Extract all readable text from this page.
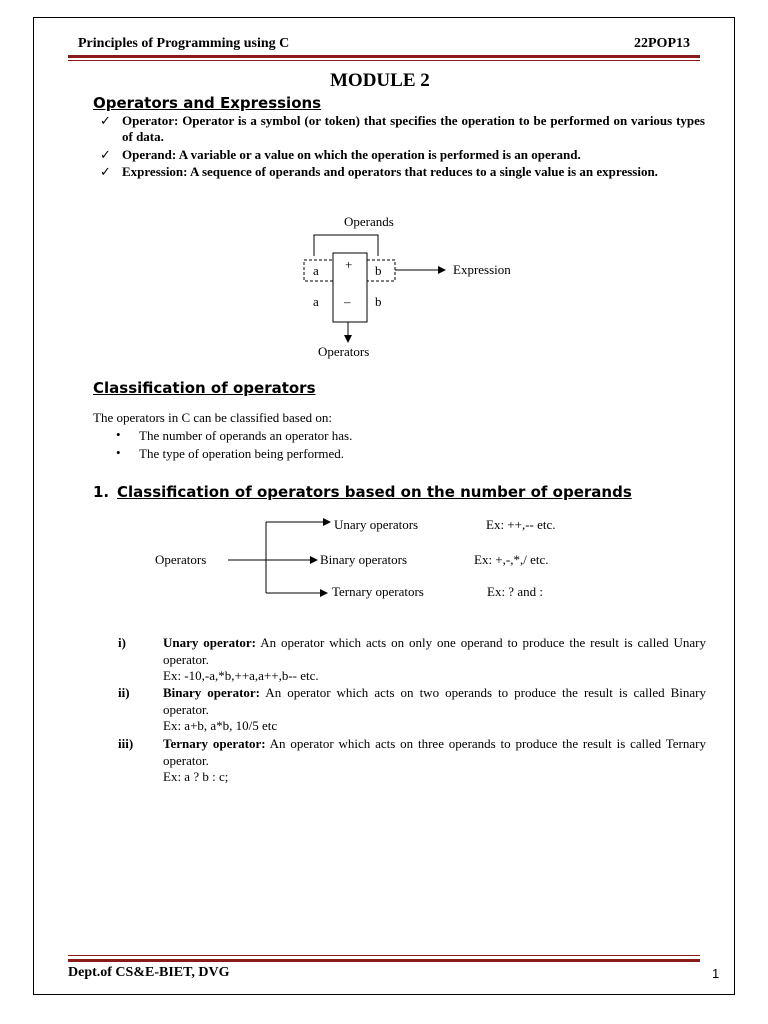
Principles of Programming using C	22POP13
MODULE 2
Operators and Expressions
✓ Operator: Operator is a symbol (or token) that specifies the operation to be performed on various types of data.
✓ Operand: A variable or a value on which the operation is performed is an operand.
✓ Expression: A sequence of operands and operators that reduces to a single value is an expression.
Operands
a + b
a – b
Expression
Operators
Classification of operators
The operators in C can be classified based on:
• The number of operands an operator has.
• The type of operation being performed.
1. Classification of operators based on the number of operands
Operators
Unary operators	Ex: ++,-- etc.
Binary operators	Ex: +,-,*,/ etc.
Ternary operators	Ex: ? and :
i)	Unary operator: An operator which acts on only one operand to produce the result is called Unary operator.
Ex: -10,-a,*b,++a,a++,b-- etc.
ii)	Binary operator: An operator which acts on two operands to produce the result is called Binary operator.
Ex: a+b, a*b, 10/5 etc
iii) Ternary operator: An operator which acts on three operands to produce the result is called Ternary operator.
Ex: a ? b : c;
Dept.of CS&E-BIET, DVG	1
